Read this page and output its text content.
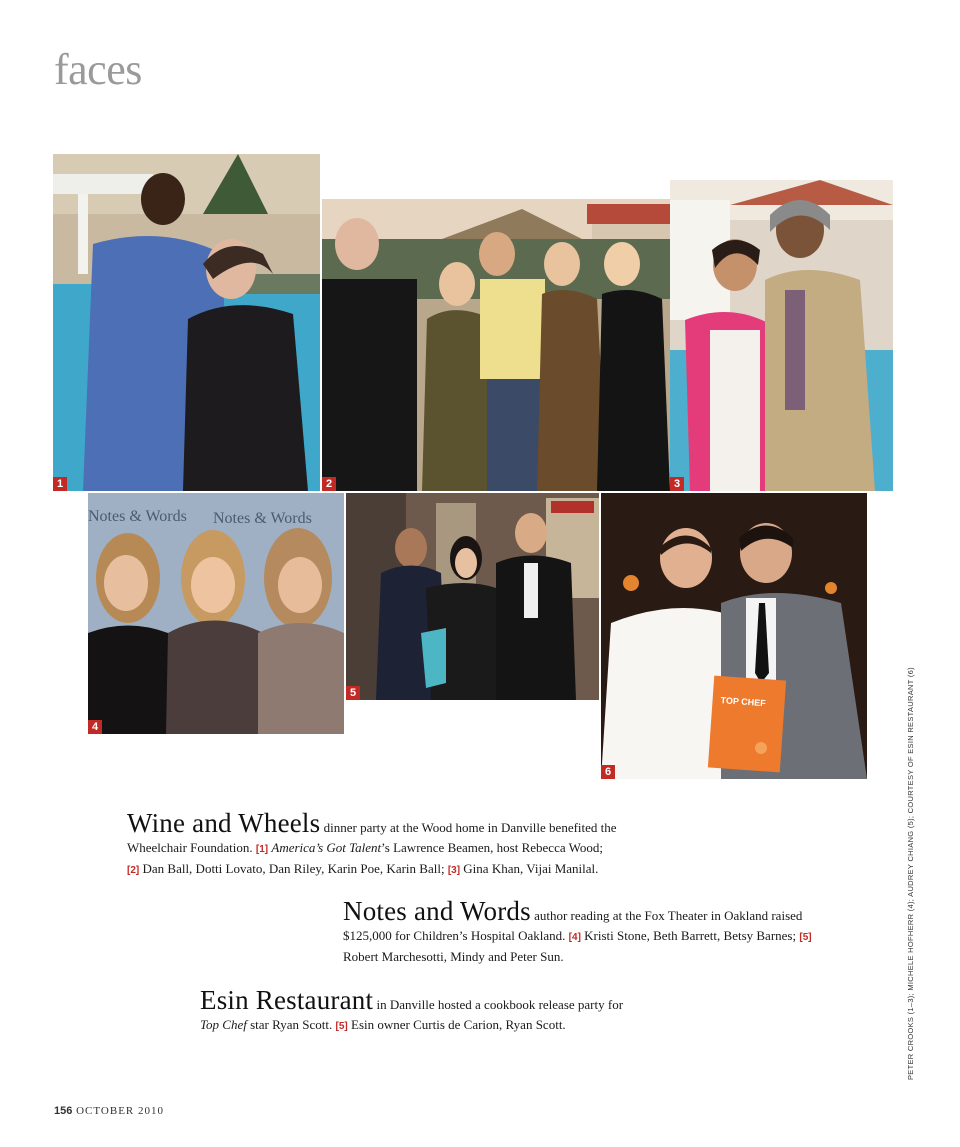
faces
1	2	3
Notes & Words Notes & Words
4
5
TOP CHEF
6
Wine and Wheels dinner party at the Wood home in Danville benefited the Wheelchair Foundation. [1] America’s Got Talent’s Lawrence Beamen, host Rebecca Wood;
[2] Dan Ball, Dotti Lovato, Dan Riley, Karin Poe, Karin Ball; [3] Gina Khan, Vijai Manilal.
Notes and Words author reading at the Fox Theater in Oakland raised $125,000 for Children’s Hospital Oakland. [4] Kristi Stone, Beth Barrett, Betsy Barnes; [5] Robert Marchesotti, Mindy and Peter Sun.
Esin Restaurant in Danville hosted a cookbook release party for
Top Chef star Ryan Scott. [5] Esin owner Curtis de Carion, Ryan Scott.	PETER CROOKS (1–3); MICHELE HOFHERR (4); AUDREY CHIANG (5); COURTESY OF ESIN RESTAURANT (6)
156 OCTOBER 2010
